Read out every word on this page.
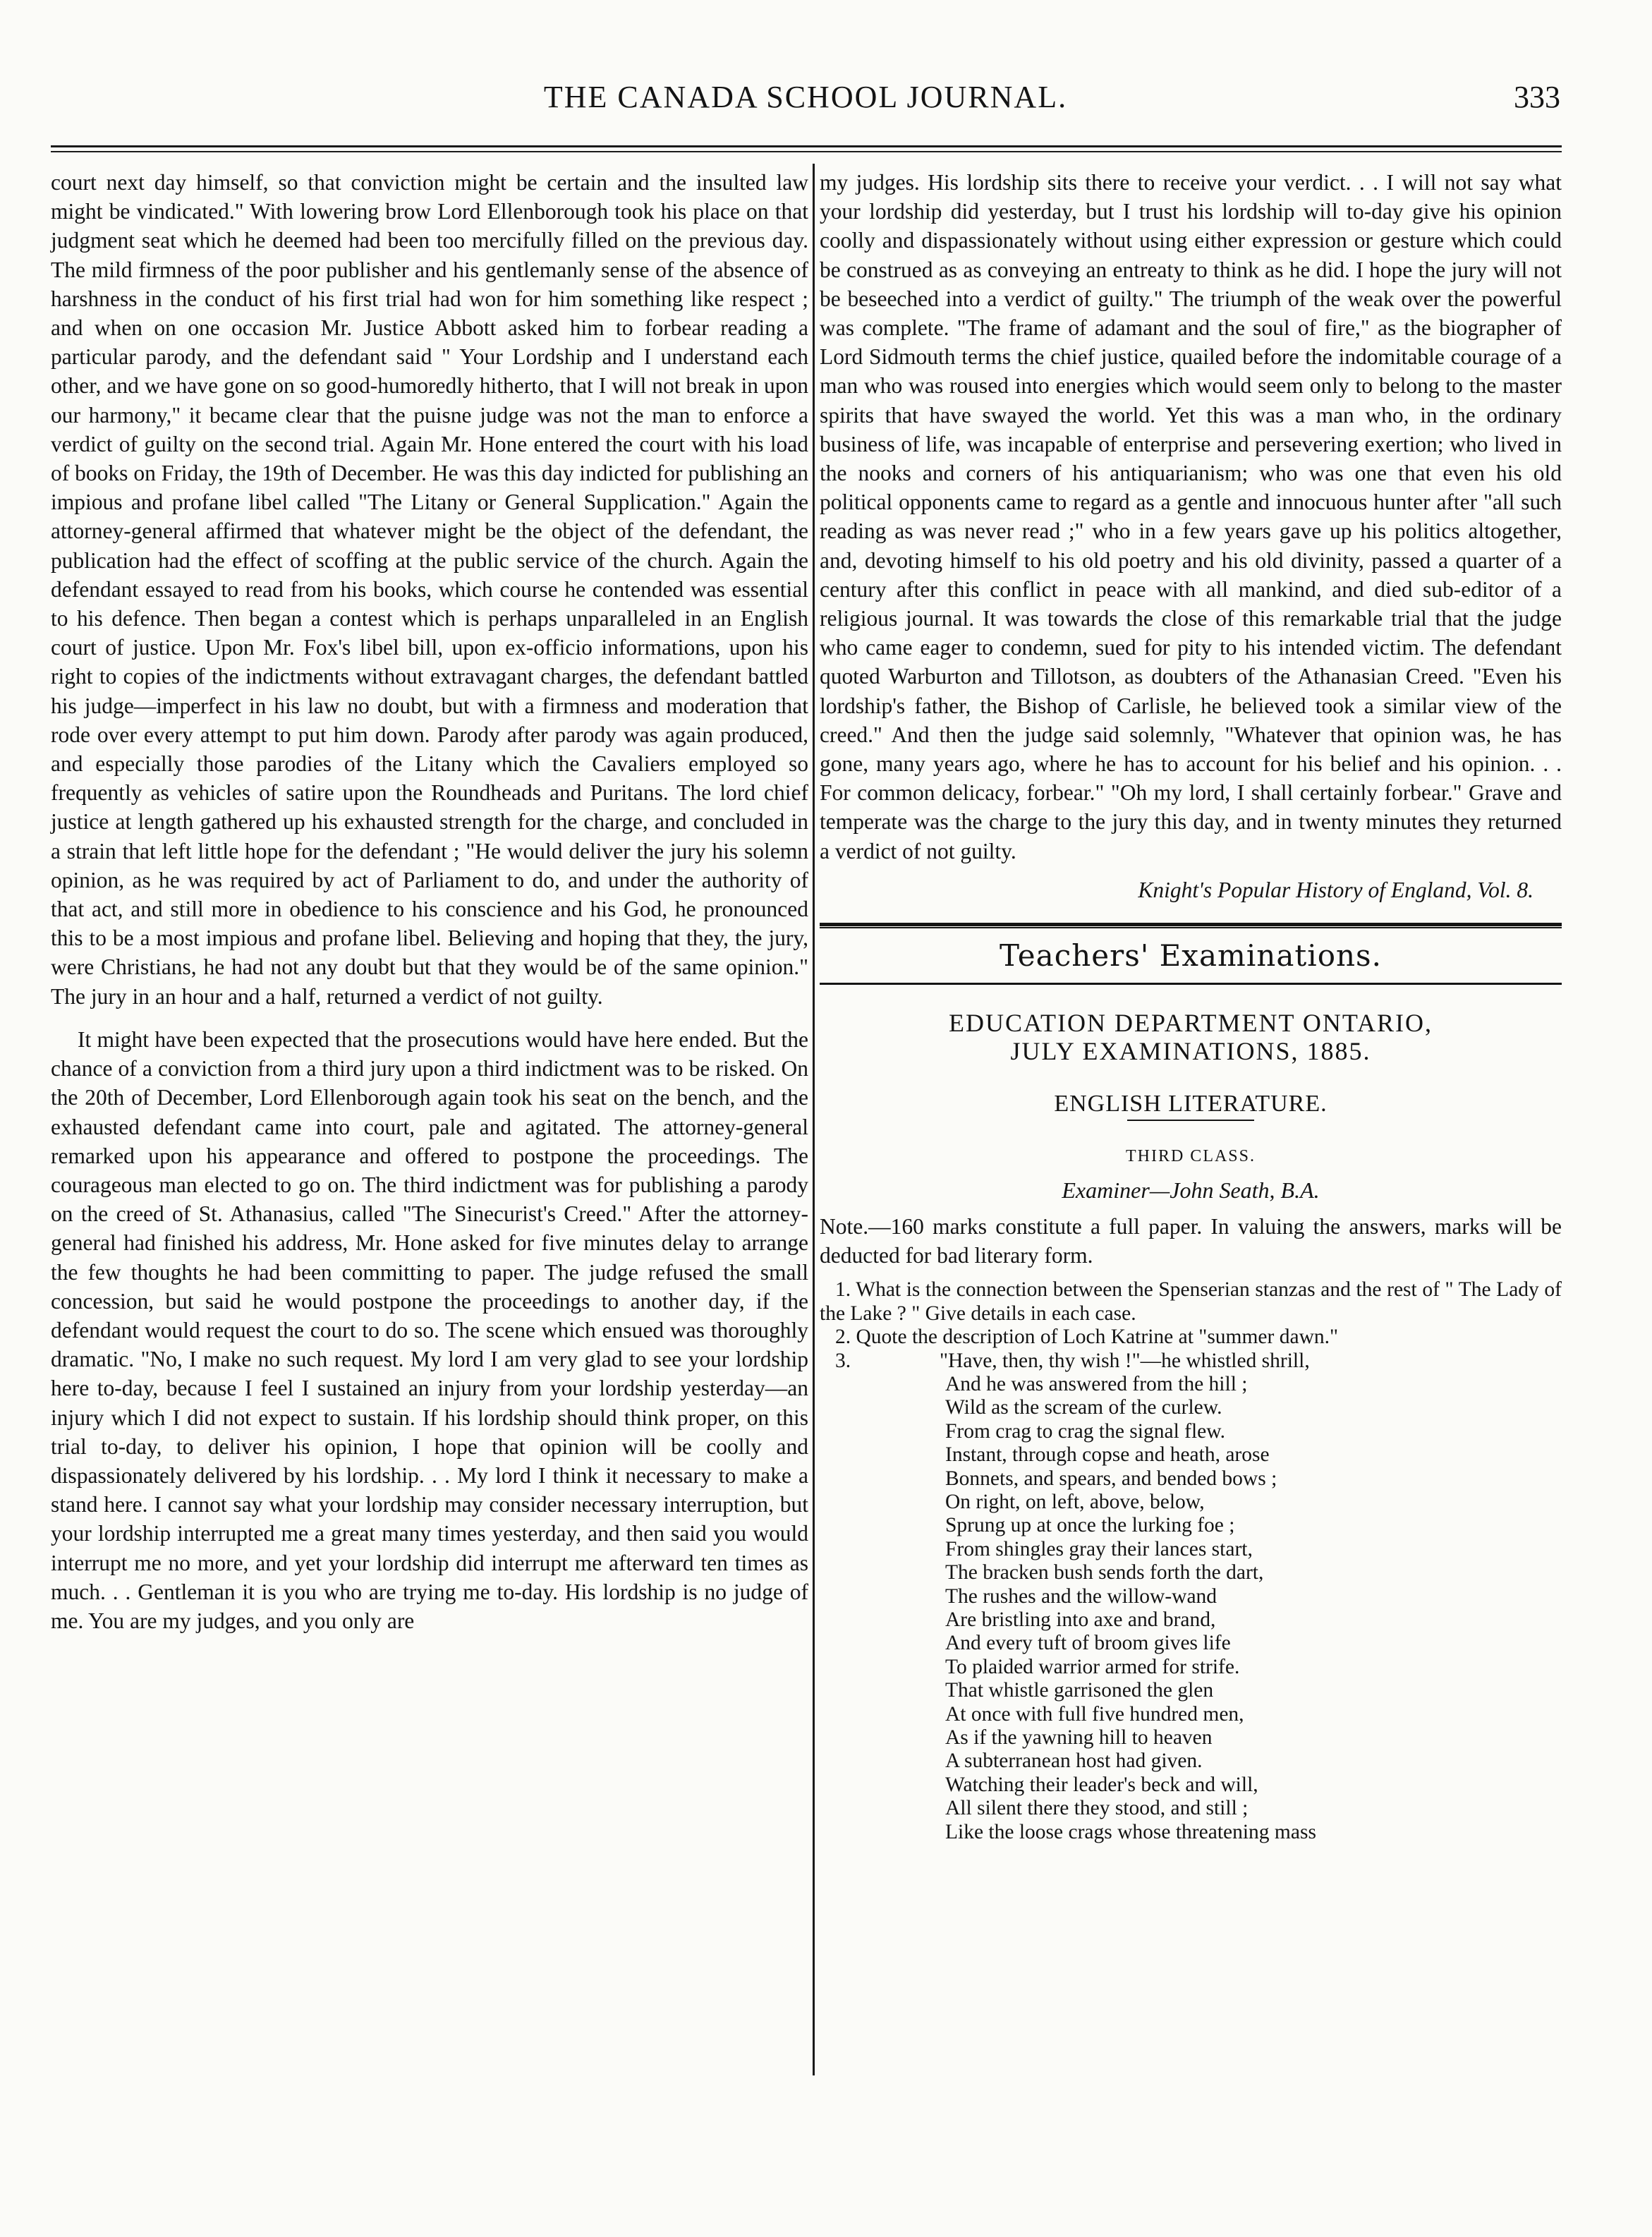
THE CANADA SCHOOL JOURNAL.	333

court next day himself, so that conviction might be certain and the insulted law might be vindicated." With lowering brow Lord Ellenborough took his place on that judgment seat which he deemed had been too mercifully filled on the previous day. The mild firmness of the poor publisher and his gentlemanly sense of the absence of harshness in the conduct of his first trial had won for him something like respect ; and when on one occasion Mr. Justice Abbott asked him to forbear reading a particular parody, and the defendant said " Your Lordship and I understand each other, and we have gone on so good-humoredly hitherto, that I will not break in upon our harmony," it became clear that the puisne judge was not the man to enforce a verdict of guilty on the second trial. Again Mr. Hone entered the court with his load of books on Friday, the 19th of December. He was this day indicted for publishing an impious and profane libel called "The Litany or General Supplication." Again the attorney-general affirmed that whatever might be the object of the defendant, the publication had the effect of scoffing at the public service of the church. Again the defendant essayed to read from his books, which course he contended was essential to his defence. Then began a contest which is perhaps unparalleled in an English court of justice. Upon Mr. Fox's libel bill, upon ex-officio informations, upon his right to copies of the indictments without extravagant charges, the defendant battled his judge—imperfect in his law no doubt, but with a firmness and moderation that rode over every attempt to put him down. Parody after parody was again produced, and especially those parodies of the Litany which the Cavaliers employed so frequently as vehicles of satire upon the Roundheads and Puritans. The lord chief justice at length gathered up his exhausted strength for the charge, and concluded in a strain that left little hope for the defendant ; "He would deliver the jury his solemn opinion, as he was required by act of Parliament to do, and under the authority of that act, and still more in obedience to his conscience and his God, he pronounced this to be a most impious and profane libel. Believing and hoping that they, the jury, were Christians, he had not any doubt but that they would be of the same opinion." The jury in an hour and a half, returned a verdict of not guilty.

It might have been expected that the prosecutions would have here ended. But the chance of a conviction from a third jury upon a third indictment was to be risked. On the 20th of December, Lord Ellenborough again took his seat on the bench, and the exhausted defendant came into court, pale and agitated. The attorney-general remarked upon his appearance and offered to postpone the proceedings. The courageous man elected to go on. The third indictment was for publishing a parody on the creed of St. Athanasius, called "The Sinecurist's Creed." After the attorney-general had finished his address, Mr. Hone asked for five minutes delay to arrange the few thoughts he had been committing to paper. The judge refused the small concession, but said he would postpone the proceedings to another day, if the defendant would request the court to do so. The scene which ensued was thoroughly dramatic. "No, I make no such request. My lord I am very glad to see your lordship here to-day, because I feel I sustained an injury from your lordship yesterday—an injury which I did not expect to sustain. If his lordship should think proper, on this trial to-day, to deliver his opinion, I hope that opinion will be coolly and dispassionately delivered by his lordship. . . My lord I think it necessary to make a stand here. I cannot say what your lordship may consider necessary interruption, but your lordship interrupted me a great many times yesterday, and then said you would interrupt me no more, and yet your lordship did interrupt me afterward ten times as much. . . Gentleman it is you who are trying me to-day. His lordship is no judge of me. You are my judges, and you only are

my judges. His lordship sits there to receive your verdict. . . I will not say what your lordship did yesterday, but I trust his lordship will to-day give his opinion coolly and dispassionately without using either expression or gesture which could be construed as as conveying an entreaty to think as he did. I hope the jury will not be beseeched into a verdict of guilty." The triumph of the weak over the powerful was complete. "The frame of adamant and the soul of fire," as the biographer of Lord Sidmouth terms the chief justice, quailed before the indomitable courage of a man who was roused into energies which would seem only to belong to the master spirits that have swayed the world. Yet this was a man who, in the ordinary business of life, was incapable of enterprise and persevering exertion; who lived in the nooks and corners of his antiquarianism; who was one that even his old political opponents came to regard as a gentle and innocuous hunter after "all such reading as was never read ;" who in a few years gave up his politics altogether, and, devoting himself to his old poetry and his old divinity, passed a quarter of a century after this conflict in peace with all mankind, and died sub-editor of a religious journal. It was towards the close of this remarkable trial that the judge who came eager to condemn, sued for pity to his intended victim. The defendant quoted Warburton and Tillotson, as doubters of the Athanasian Creed. "Even his lordship's father, the Bishop of Carlisle, he believed took a similar view of the creed." And then the judge said solemnly, "Whatever that opinion was, he has gone, many years ago, where he has to account for his belief and his opinion. . . For common delicacy, forbear." "Oh my lord, I shall certainly forbear." Grave and temperate was the charge to the jury this day, and in twenty minutes they returned a verdict of not guilty.

Knight's Popular History of England, Vol. 8.
Teachers' Examinations.
EDUCATION DEPARTMENT ONTARIO,
JULY EXAMINATIONS, 1885.
ENGLISH LITERATURE.
THIRD CLASS.
Examiner—John Seath, B.A.

Note.—160 marks constitute a full paper. In valuing the answers, marks will be deducted for bad literary form.

1. What is the connection between the Spenserian stanzas and the rest of " The Lady of the Lake ? " Give details in each case.
2. Quote the description of Loch Katrine at "summer dawn."
3.	"Have, then, thy wish !"—he whistled shrill,
And he was answered from the hill ;
Wild as the scream of the curlew.
From crag to crag the signal flew.
Instant, through copse and heath, arose
Bonnets, and spears, and bended bows ;
On right, on left, above, below,
Sprung up at once the lurking foe ;
From shingles gray their lances start,
The bracken bush sends forth the dart,
The rushes and the willow-wand
Are bristling into axe and brand,
And every tuft of broom gives life
To plaided warrior armed for strife.
That whistle garrisoned the glen
At once with full five hundred men,
As if the yawning hill to heaven
A subterranean host had given.
Watching their leader's beck and will,
All silent there they stood, and still ;
Like the loose crags whose threatening mass
